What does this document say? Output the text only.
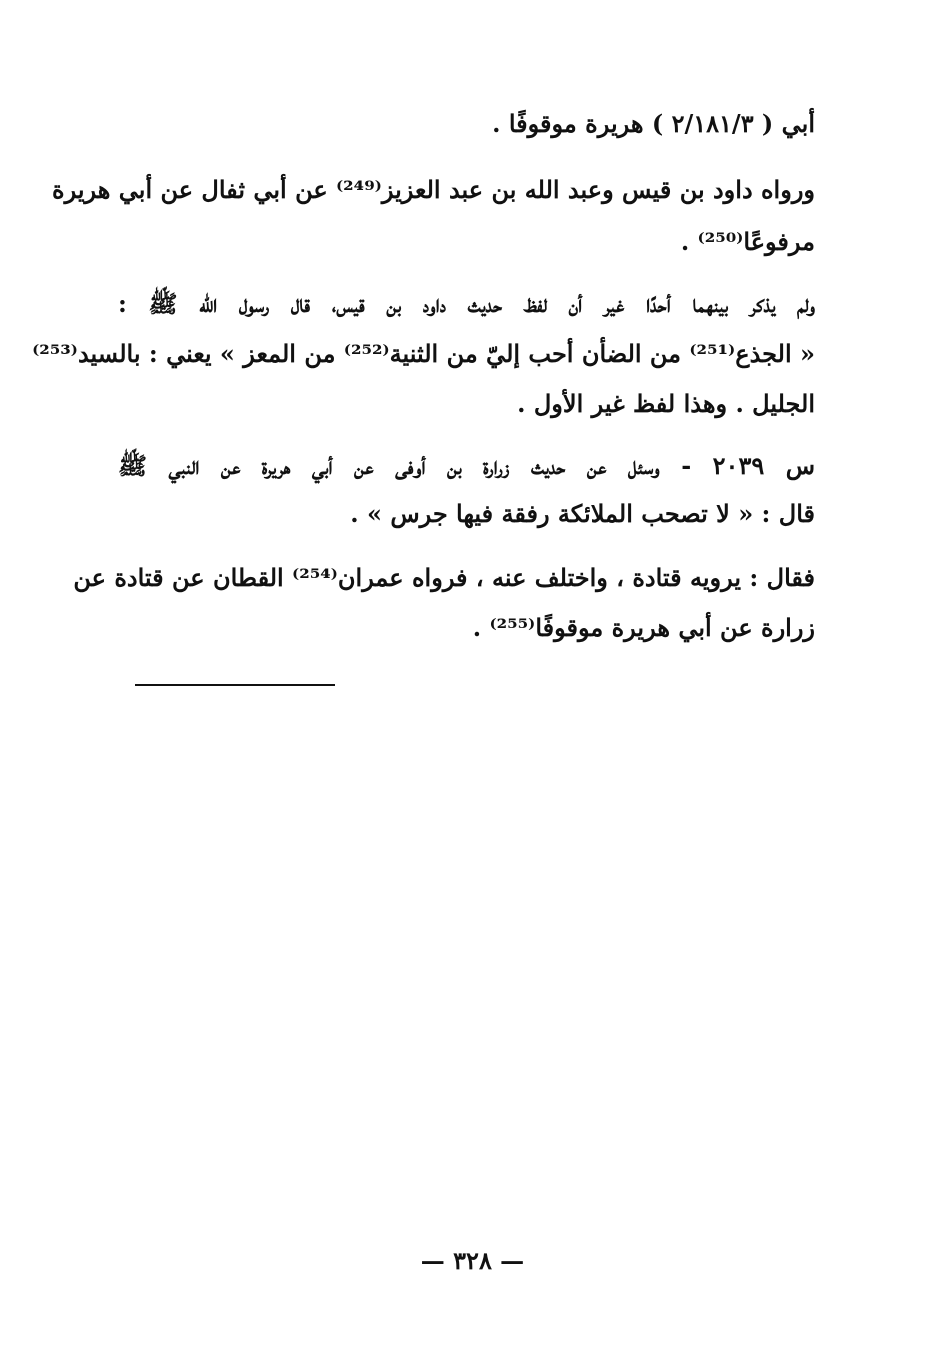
أبي ( ٢/١٨١/٣ ) هريرة موقوفًا .
ورواه داود بن قيس وعبد الله بن عبد العزيز⁽²⁴⁹⁾ عن أبي ثفال عن أبي هريرة
مرفوعًا⁽²⁵⁰⁾ .
ولم يذكر بينهما أحدًا غير أن لفظ حديث داود بن قيس، قال رسول الله ﷺ :
« الجذع⁽²⁵¹⁾ من الضأن أحب إليّ من الثنية⁽²⁵²⁾ من المعز » يعني : بالسيد⁽²⁵³⁾
الجليل . وهذا لفظ غير الأول .
س ٢٠٣٩ - وسئل عن حديث زرارة بن أوفى عن أبي هريرة عن النبي ﷺ
قال : « لا تصحب الملائكة رفقة فيها جرس » .
فقال : يرويه قتادة ، واختلف عنه ، فرواه عمران⁽²⁵⁴⁾ القطان عن قتادة عن
زرارة عن أبي هريرة موقوفًا⁽²⁵⁵⁾ .
— ٣٢٨ —
